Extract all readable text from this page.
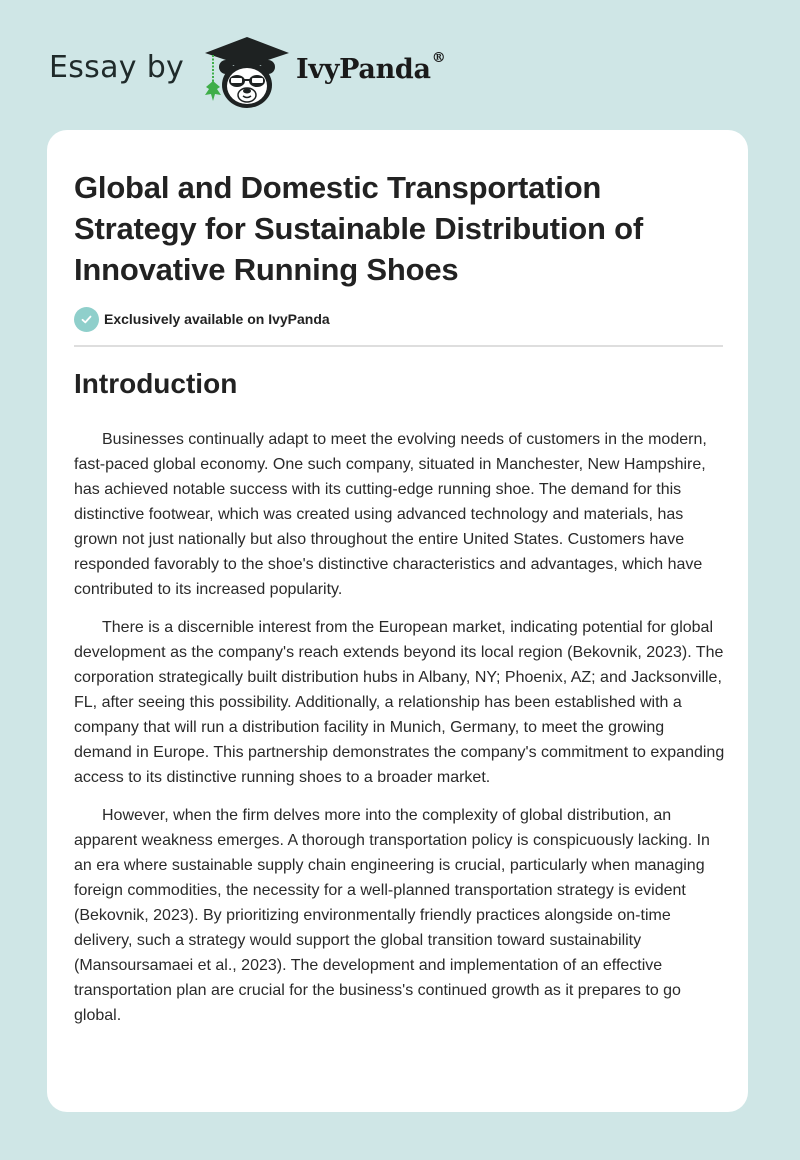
Essay by	IvyPanda®
Global and Domestic Transportation Strategy for Sustainable Distribution of Innovative Running Shoes
Exclusively available on IvyPanda
Introduction

Businesses continually adapt to meet the evolving needs of customers in the modern, fast-paced global economy. One such company, situated in Manchester, New Hampshire, has achieved notable success with its cutting-edge running shoe. The demand for this distinctive footwear, which was created using advanced technology and materials, has grown not just nationally but also throughout the entire United States. Customers have responded favorably to the shoe's distinctive characteristics and advantages, which have contributed to its increased popularity.

There is a discernible interest from the European market, indicating potential for global development as the company's reach extends beyond its local region (Bekovnik, 2023). The corporation strategically built distribution hubs in Albany, NY; Phoenix, AZ; and Jacksonville, FL, after seeing this possibility. Additionally, a relationship has been established with a company that will run a distribution facility in Munich, Germany, to meet the growing demand in Europe. This partnership demonstrates the company's commitment to expanding access to its distinctive running shoes to a broader market.

However, when the firm delves more into the complexity of global distribution, an apparent weakness emerges. A thorough transportation policy is conspicuously lacking. In an era where sustainable supply chain engineering is crucial, particularly when managing foreign commodities, the necessity for a well-planned transportation strategy is evident (Bekovnik, 2023). By prioritizing environmentally friendly practices alongside on-time delivery, such a strategy would support the global transition toward sustainability (Mansoursamaei et al., 2023). The development and implementation of an effective transportation plan are crucial for the business's continued growth as it prepares to go global.
